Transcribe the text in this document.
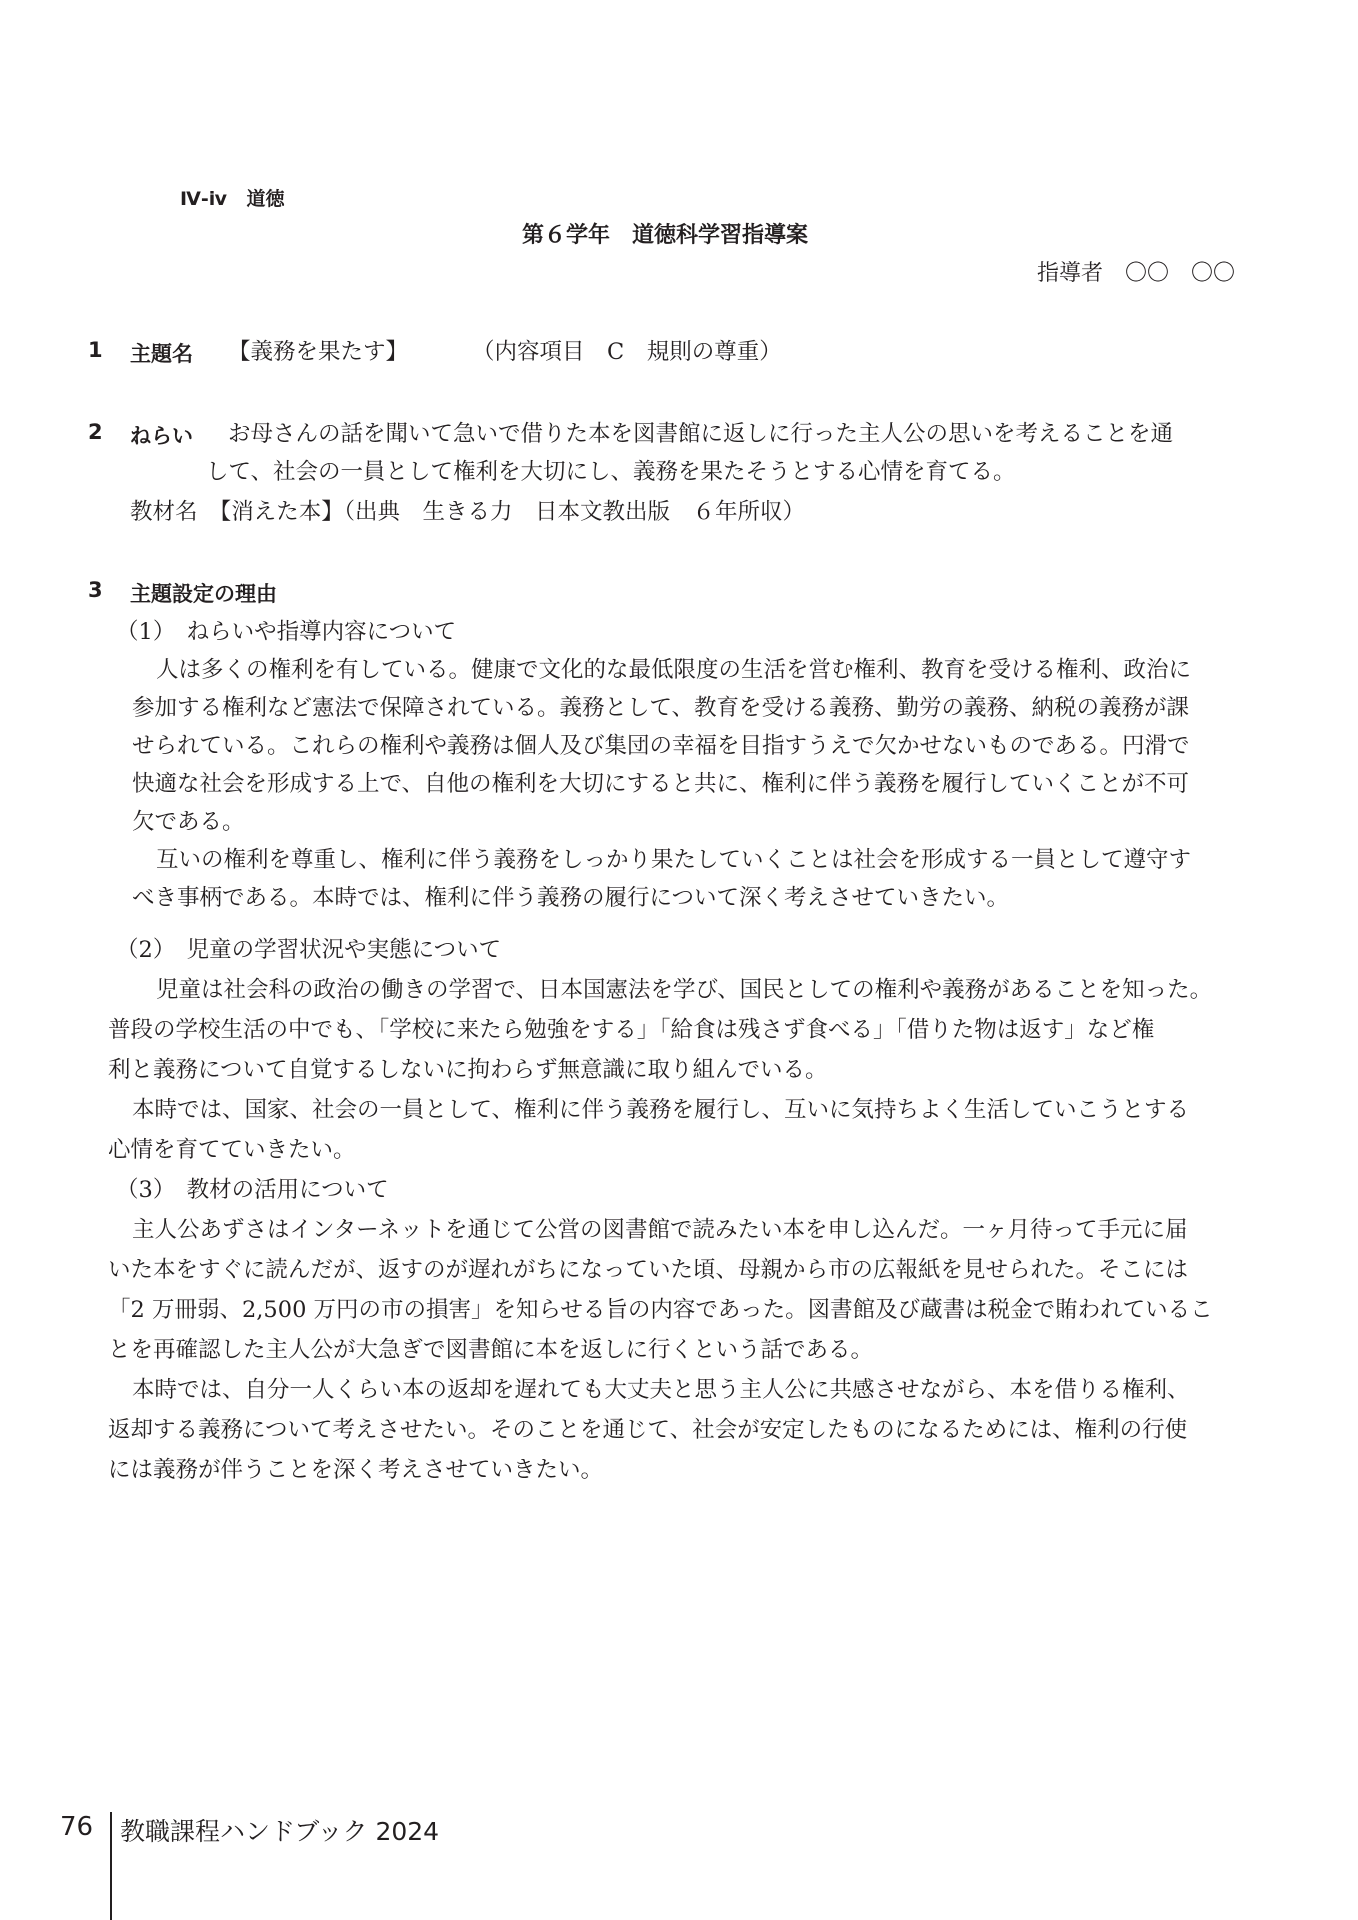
Ⅳ-ⅳ　道徳
第６学年　道徳科学習指導案
指導者　〇〇　〇〇
1 主題名 【義務を果たす】	（内容項目　C　規則の尊重）
2 ねらい お母さんの話を聞いて急いで借りた本を図書館に返しに行った主人公の思いを考えることを通
して、社会の一員として権利を大切にし、義務を果たそうとする心情を育てる。
教材名　【消えた本】（出典　生きる力　日本文教出版　６年所収）
3 主題設定の理由
（1）　ねらいや指導内容について
人は多くの権利を有している。健康で文化的な最低限度の生活を営む権利、教育を受ける権利、政治に
参加する権利など憲法で保障されている。義務として、教育を受ける義務、勤労の義務、納税の義務が課
せられている。これらの権利や義務は個人及び集団の幸福を目指すうえで欠かせないものである。円滑で
快適な社会を形成する上で、自他の権利を大切にすると共に、権利に伴う義務を履行していくことが不可
欠である。
互いの権利を尊重し、権利に伴う義務をしっかり果たしていくことは社会を形成する一員として遵守す
べき事柄である。本時では、権利に伴う義務の履行について深く考えさせていきたい。
（2）　児童の学習状況や実態について
児童は社会科の政治の働きの学習で、日本国憲法を学び、国民としての権利や義務があることを知った。
普段の学校生活の中でも、「学校に来たら勉強をする」「給食は残さず食べる」「借りた物は返す」など権
利と義務について自覚するしないに拘わらず無意識に取り組んでいる。
本時では、国家、社会の一員として、権利に伴う義務を履行し、互いに気持ちよく生活していこうとする
心情を育てていきたい。
（3）　教材の活用について
主人公あずさはインターネットを通じて公営の図書館で読みたい本を申し込んだ。一ヶ月待って手元に届
いた本をすぐに読んだが、返すのが遅れがちになっていた頃、母親から市の広報紙を見せられた。そこには
「2 万冊弱、2,500 万円の市の損害」を知らせる旨の内容であった。図書館及び蔵書は税金で賄われているこ
とを再確認した主人公が大急ぎで図書館に本を返しに行くという話である。
本時では、自分一人くらい本の返却を遅れても大丈夫と思う主人公に共感させながら、本を借りる権利、
返却する義務について考えさせたい。そのことを通じて、社会が安定したものになるためには、権利の行使
には義務が伴うことを深く考えさせていきたい。
76 教職課程ハンドブック 2024
